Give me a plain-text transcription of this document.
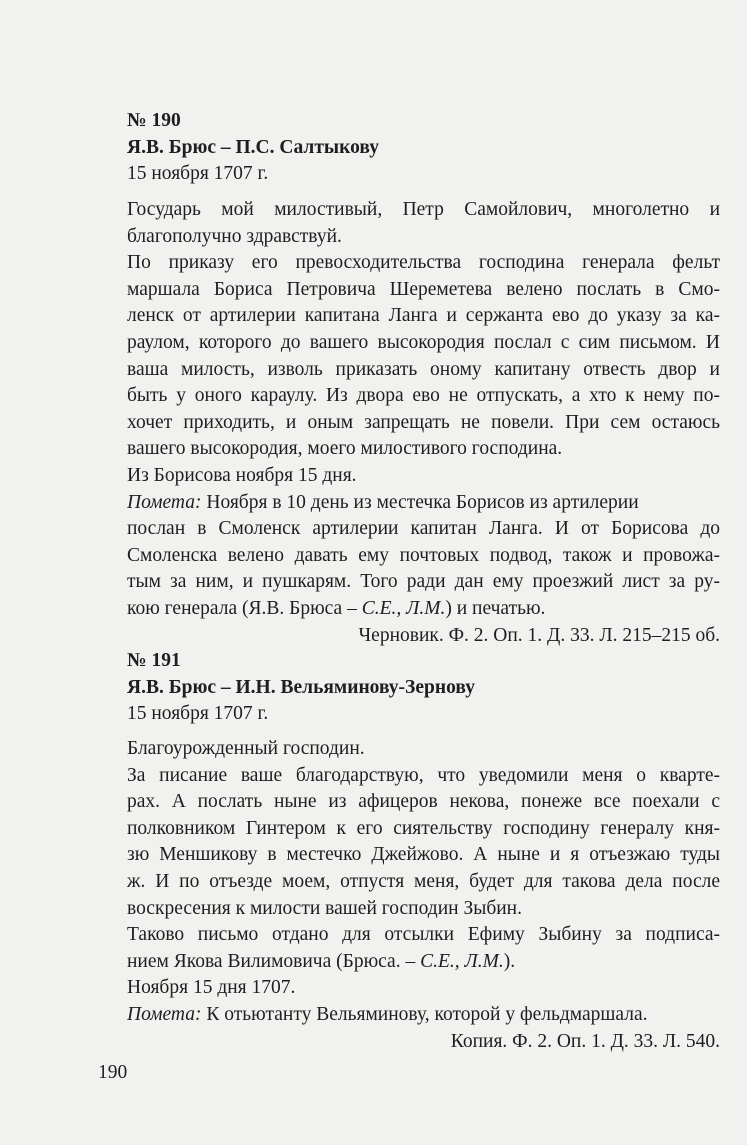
№ 190
Я.В. Брюс – П.С. Салтыкову
15 ноября 1707 г.
Государь мой милостивый, Петр Самойлович, многолетно и
благополучно здравствуй.
По приказу его превосходительства господина генерала фельт
маршала Бориса Петровича Шереметева велено послать в Смо-
ленск от артилерии капитана Ланга и сержанта ево до указу за ка-
раулом, которого до вашего высокородия послал с сим письмом. И
ваша милость, изволь приказать оному капитану отвесть двор и
быть у оного караулу. Из двора ево не отпускать, а хто к нему по-
хочет приходить, и оным запрещать не повели. При сем остаюсь
вашего высокородия, моего милостивого господина.
Из Борисова ноября 15 дня.
Помета: Ноября в 10 день из местечка Борисов из артилерии
послан в Смоленск артилерии капитан Ланга. И от Борисова до
Смоленска велено давать ему почтовых подвод, також и провожа-
тым за ним, и пушкарям. Того ради дан ему проезжий лист за ру-
кою генерала (Я.В. Брюса – С.Е., Л.М.) и печатью.
Черновик. Ф. 2. Оп. 1. Д. 33. Л. 215–215 об.
№ 191
Я.В. Брюс – И.Н. Вельяминову-Зернову
15 ноября 1707 г.
Благоурожденный господин.
За писание ваше благодарствую, что уведомили меня о кварте-
рах. А послать ныне из афицеров некова, понеже все поехали с
полковником Гинтером к его сиятельству господину генералу кня-
зю Меншикову в местечко Джейжово. А ныне и я отъезжаю туды
ж. И по отъезде моем, отпустя меня, будет для такова дела после
воскресения к милости вашей господин Зыбин.
Таково письмо отдано для отсылки Ефиму Зыбину за подписа-
нием Якова Вилимовича (Брюса. – С.Е., Л.М.).
Ноября 15 дня 1707.
Помета: К отьютанту Вельяминову, которой у фельдмаршала.
Копия. Ф. 2. Оп. 1. Д. 33. Л. 540.
190
